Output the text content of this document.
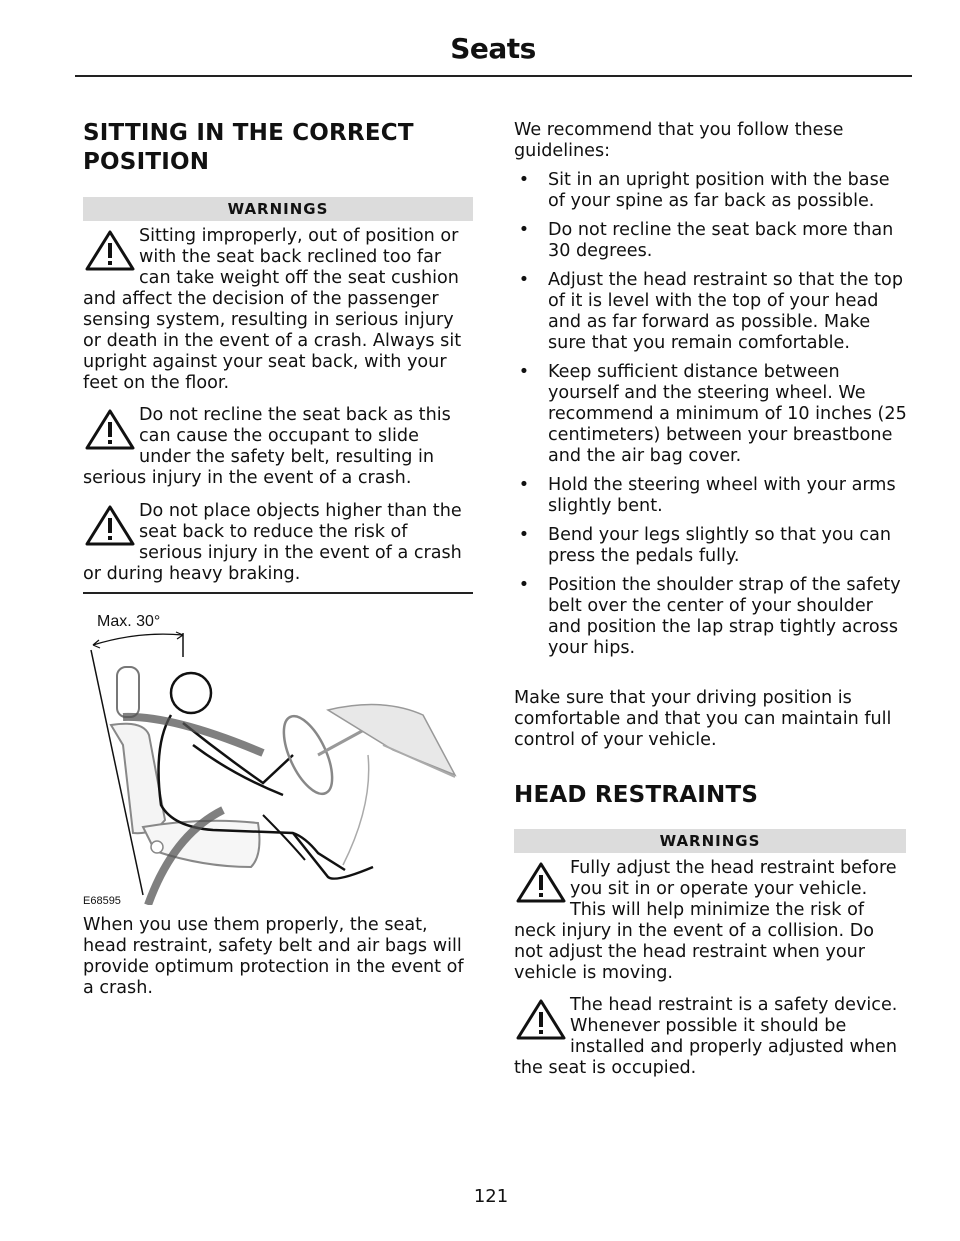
Seats
SITTING IN THE CORRECT
POSITION
WARNINGS
Sitting improperly, out of position or with the seat back reclined too far can take weight off the seat cushion and affect the decision of the passenger sensing system, resulting in serious injury or death in the event of a crash. Always sit upright against your seat back, with your feet on the floor.
Do not recline the seat back as this can cause the occupant to slide under the safety belt, resulting in serious injury in the event of a crash.
Do not place objects higher than the seat back to reduce the risk of serious injury in the event of a crash or during heavy braking.
Max. 30°
E68595
When you use them properly, the seat, head restraint, safety belt and air bags will provide optimum protection in the event of a crash.
We recommend that you follow these guidelines:
• Sit in an upright position with the base of your spine as far back as possible.
• Do not recline the seat back more than 30 degrees.
• Adjust the head restraint so that the top of it is level with the top of your head and as far forward as possible. Make sure that you remain comfortable.
• Keep sufficient distance between yourself and the steering wheel. We recommend a minimum of 10 inches (25 centimeters) between your breastbone and the air bag cover.
• Hold the steering wheel with your arms slightly bent.
• Bend your legs slightly so that you can press the pedals fully.
• Position the shoulder strap of the safety belt over the center of your shoulder and position the lap strap tightly across your hips.
Make sure that your driving position is comfortable and that you can maintain full control of your vehicle.
HEAD RESTRAINTS
WARNINGS
Fully adjust the head restraint before you sit in or operate your vehicle. This will help minimize the risk of neck injury in the event of a collision. Do not adjust the head restraint when your vehicle is moving.
The head restraint is a safety device. Whenever possible it should be installed and properly adjusted when the seat is occupied.
121
